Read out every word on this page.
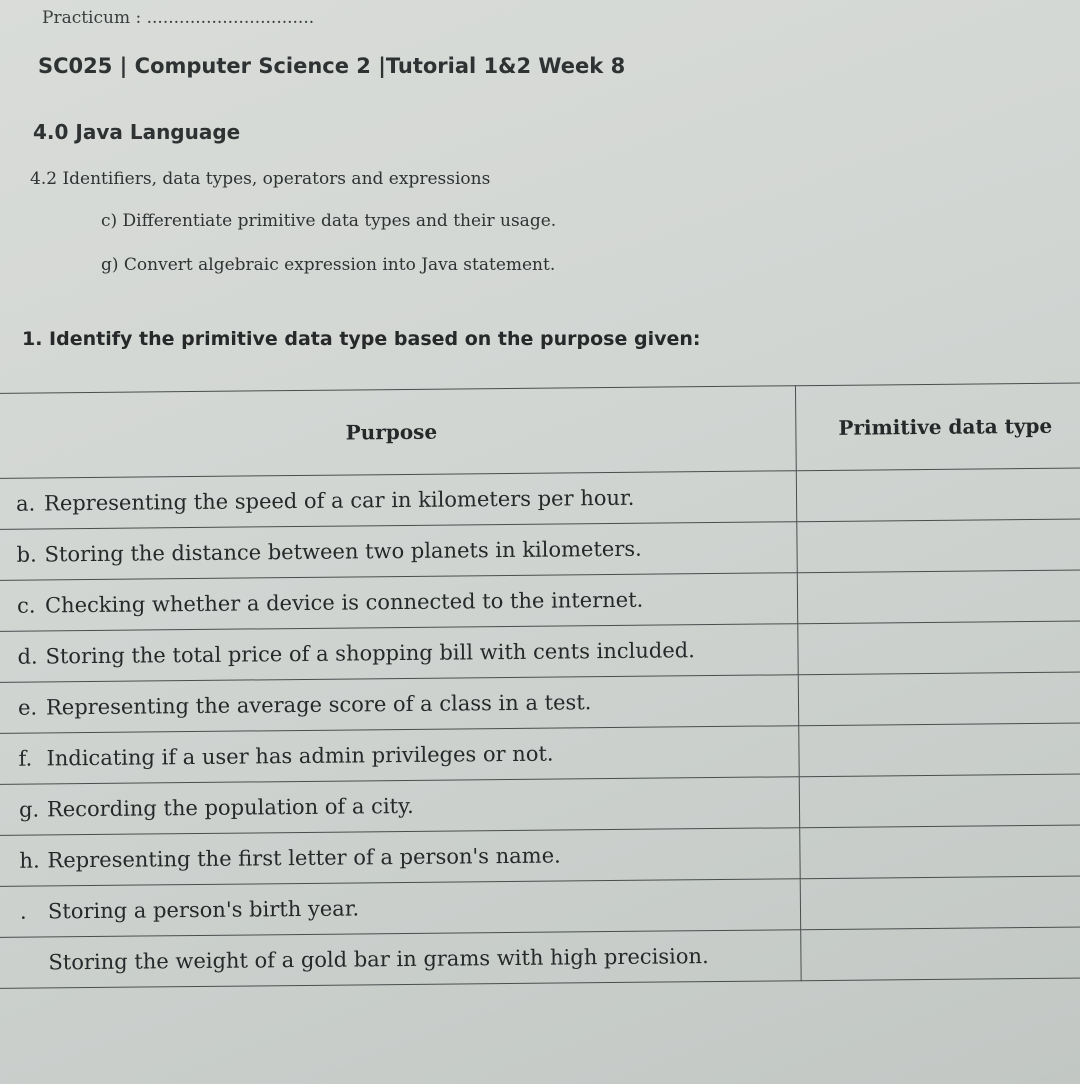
Practicum : ...............................
SC025 | Computer Science 2 |Tutorial 1&2 Week 8
4.0 Java Language
4.2 Identifiers, data types, operators and expressions
c) Differentiate primitive data types and their usage.
g) Convert algebraic expression into Java statement.
1. Identify the primitive data type based on the purpose given:
Purpose	Primitive data type
a. Representing the speed of a car in kilometers per hour.	
b. Storing the distance between two planets in kilometers.	
c. Checking whether a device is connected to the internet.	
d. Storing the total price of a shopping bill with cents included.	
e. Representing the average score of a class in a test.	
f. Indicating if a user has admin privileges or not.	
g. Recording the population of a city.	
h. Representing the first letter of a person's name.	
. Storing a person's birth year.	
Storing the weight of a gold bar in grams with high precision.	
